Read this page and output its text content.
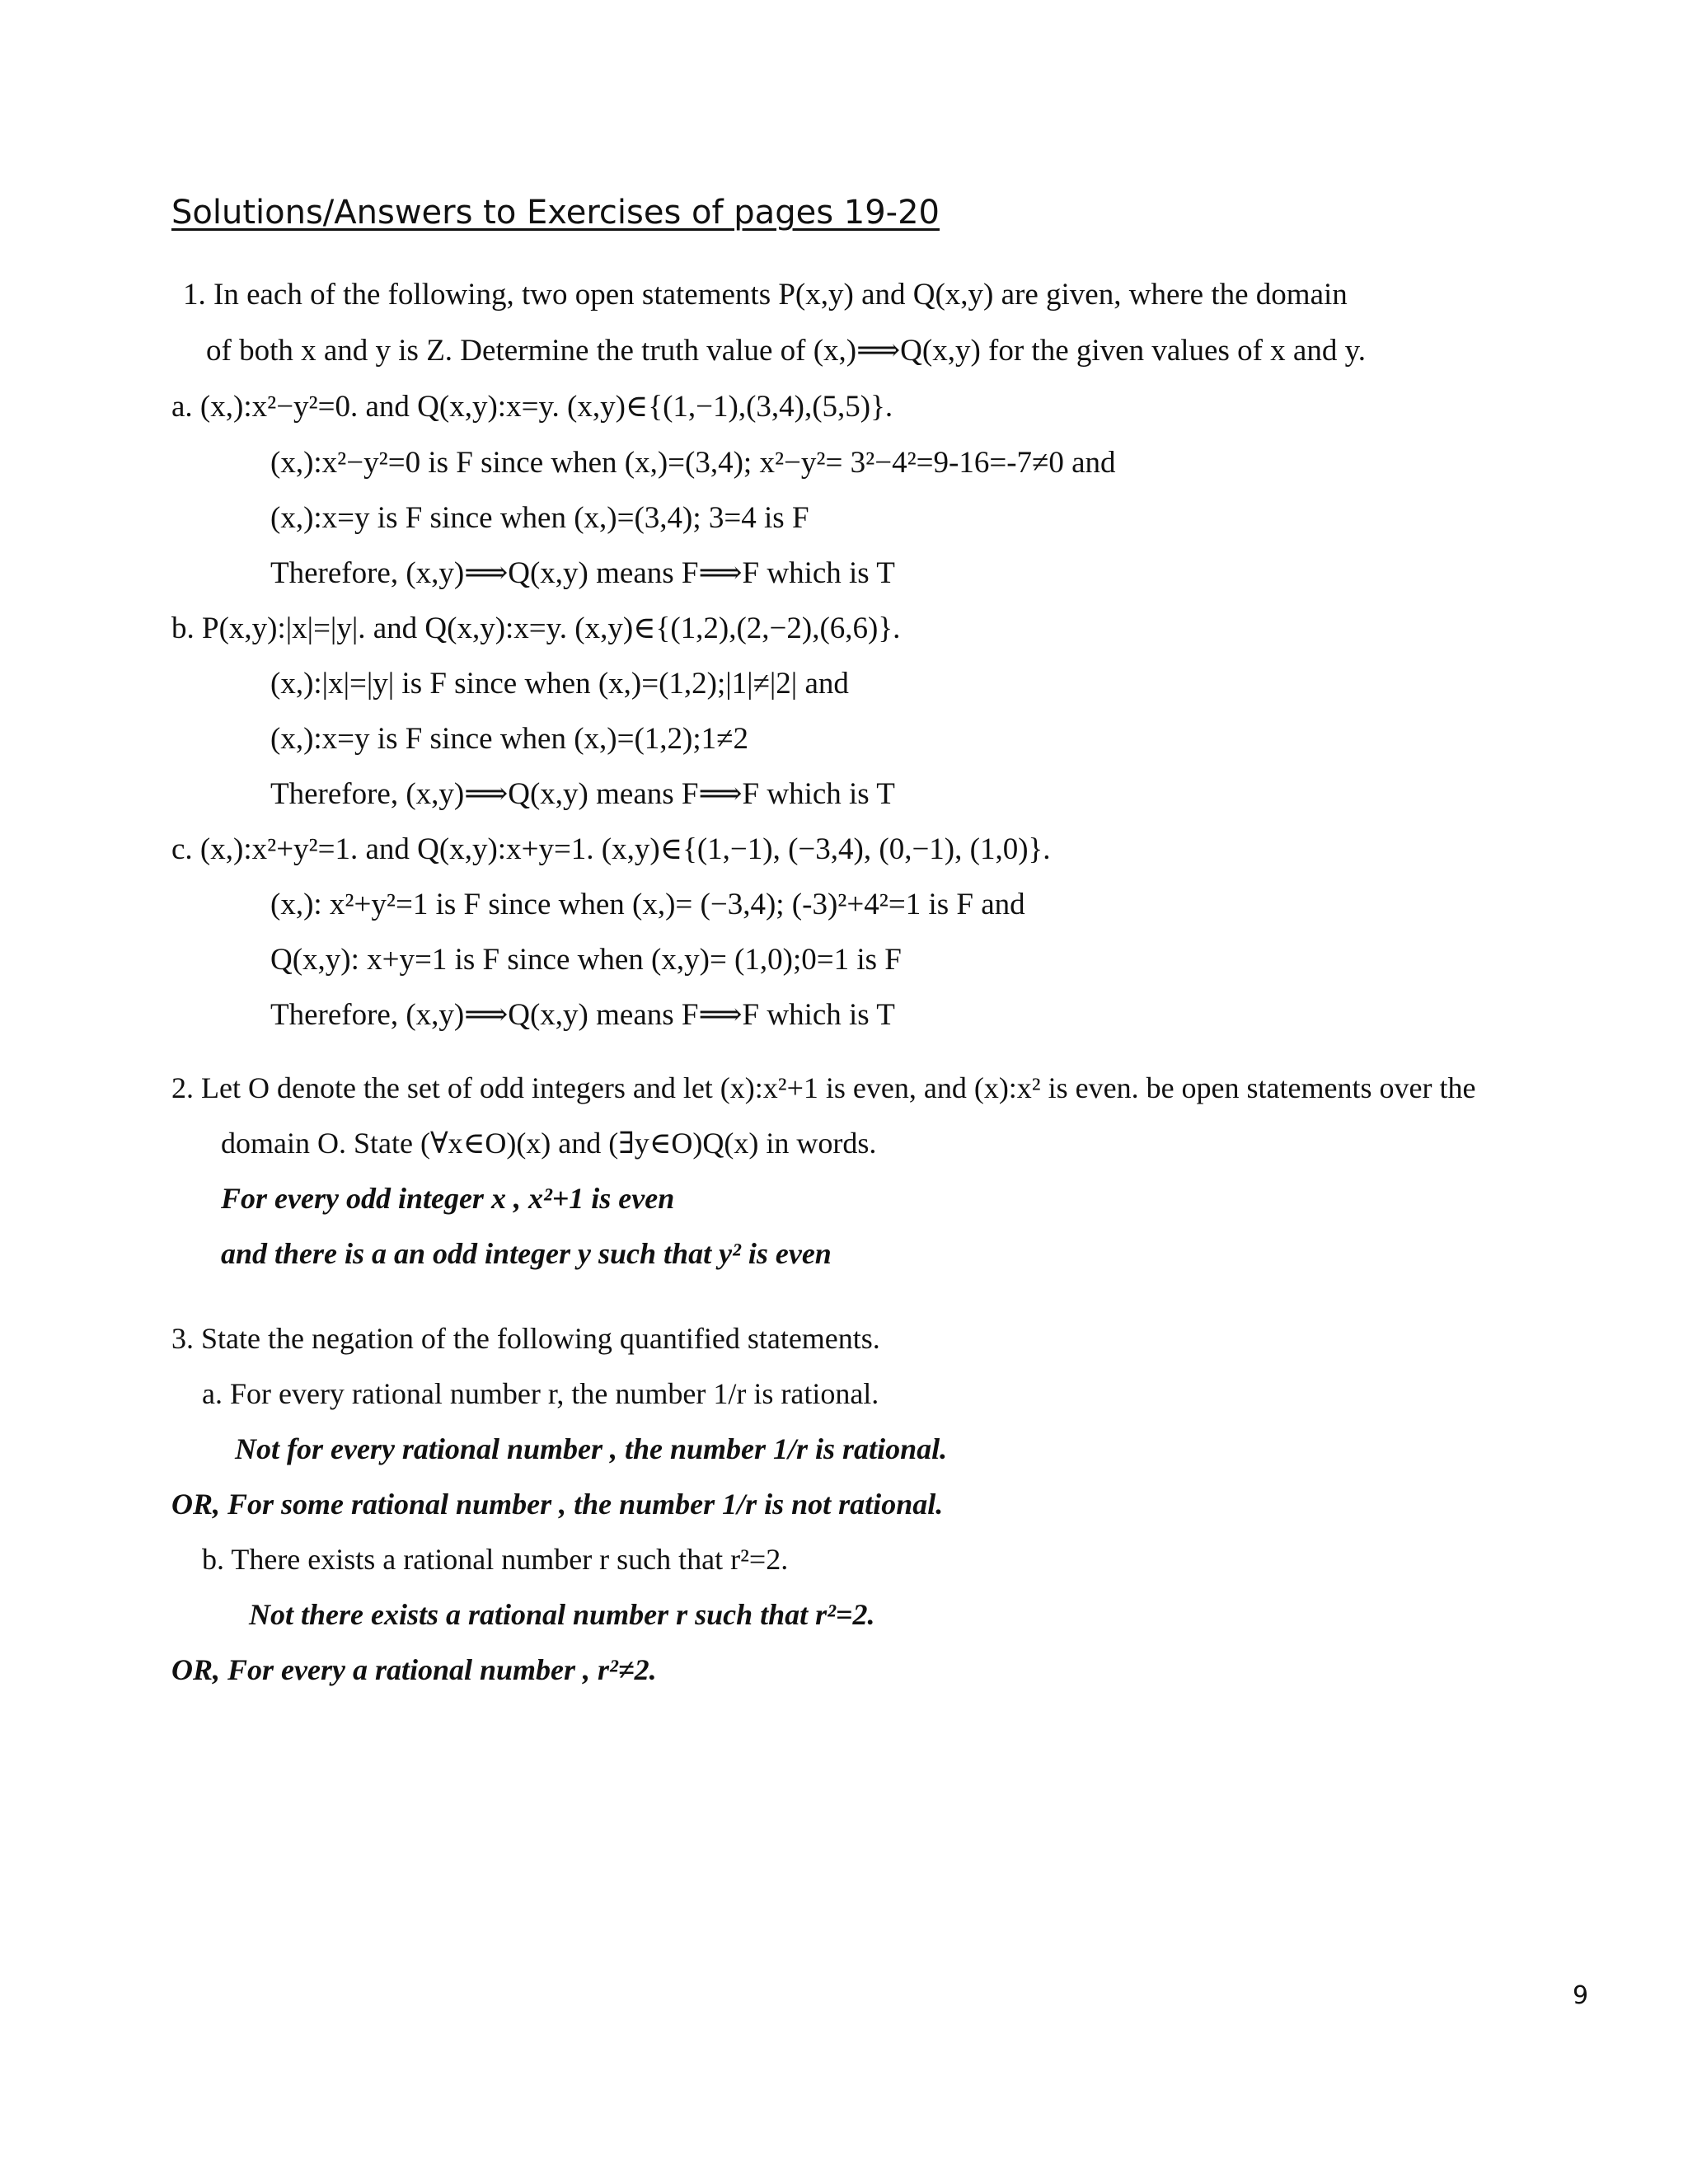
Solutions/Answers to Exercises of pages 19-20
1. In each of the following, two open statements P(x,y) and Q(x,y) are given, where the domain
of both x and y is Z. Determine the truth value of (x,)⟹Q(x,y) for the given values of x and y.
a. (x,):x²−y²=0. and Q(x,y):x=y. (x,y)∈{(1,−1),(3,4),(5,5)}.
(x,):x²−y²=0 is F since when (x,)=(3,4); x²−y²= 3²−4²=9-16=-7≠0 and
(x,):x=y is F since when (x,)=(3,4); 3=4 is F
Therefore, (x,y)⟹Q(x,y) means F⟹F which is T
b. P(x,y):|x|=|y|. and Q(x,y):x=y. (x,y)∈{(1,2),(2,−2),(6,6)}.
(x,):|x|=|y| is F since when (x,)=(1,2);|1|≠|2| and
(x,):x=y is F since when (x,)=(1,2);1≠2
Therefore, (x,y)⟹Q(x,y) means F⟹F which is T
c. (x,):x²+y²=1. and Q(x,y):x+y=1. (x,y)∈{(1,−1), (−3,4), (0,−1), (1,0)}.
(x,): x²+y²=1 is F since when (x,)= (−3,4); (-3)²+4²=1 is F and
Q(x,y): x+y=1 is F since when (x,y)= (1,0);0=1 is F
Therefore, (x,y)⟹Q(x,y) means F⟹F which is T
2. Let O denote the set of odd integers and let (x):x²+1 is even, and (x):x² is even. be open statements over the
domain O. State (∀x∈O)(x) and (∃y∈O)Q(x) in words.
For every odd integer x , x²+1 is even
and there is a an odd integer y such that y² is even
3. State the negation of the following quantified statements.
a. For every rational number r, the number 1/r is rational.
Not for every rational number , the number 1/r is rational.
OR, For some rational number , the number 1/r is not rational.
b. There exists a rational number r such that r²=2.
Not there exists a rational number r such that r²=2.
OR, For every a rational number , r²≠2.
9
